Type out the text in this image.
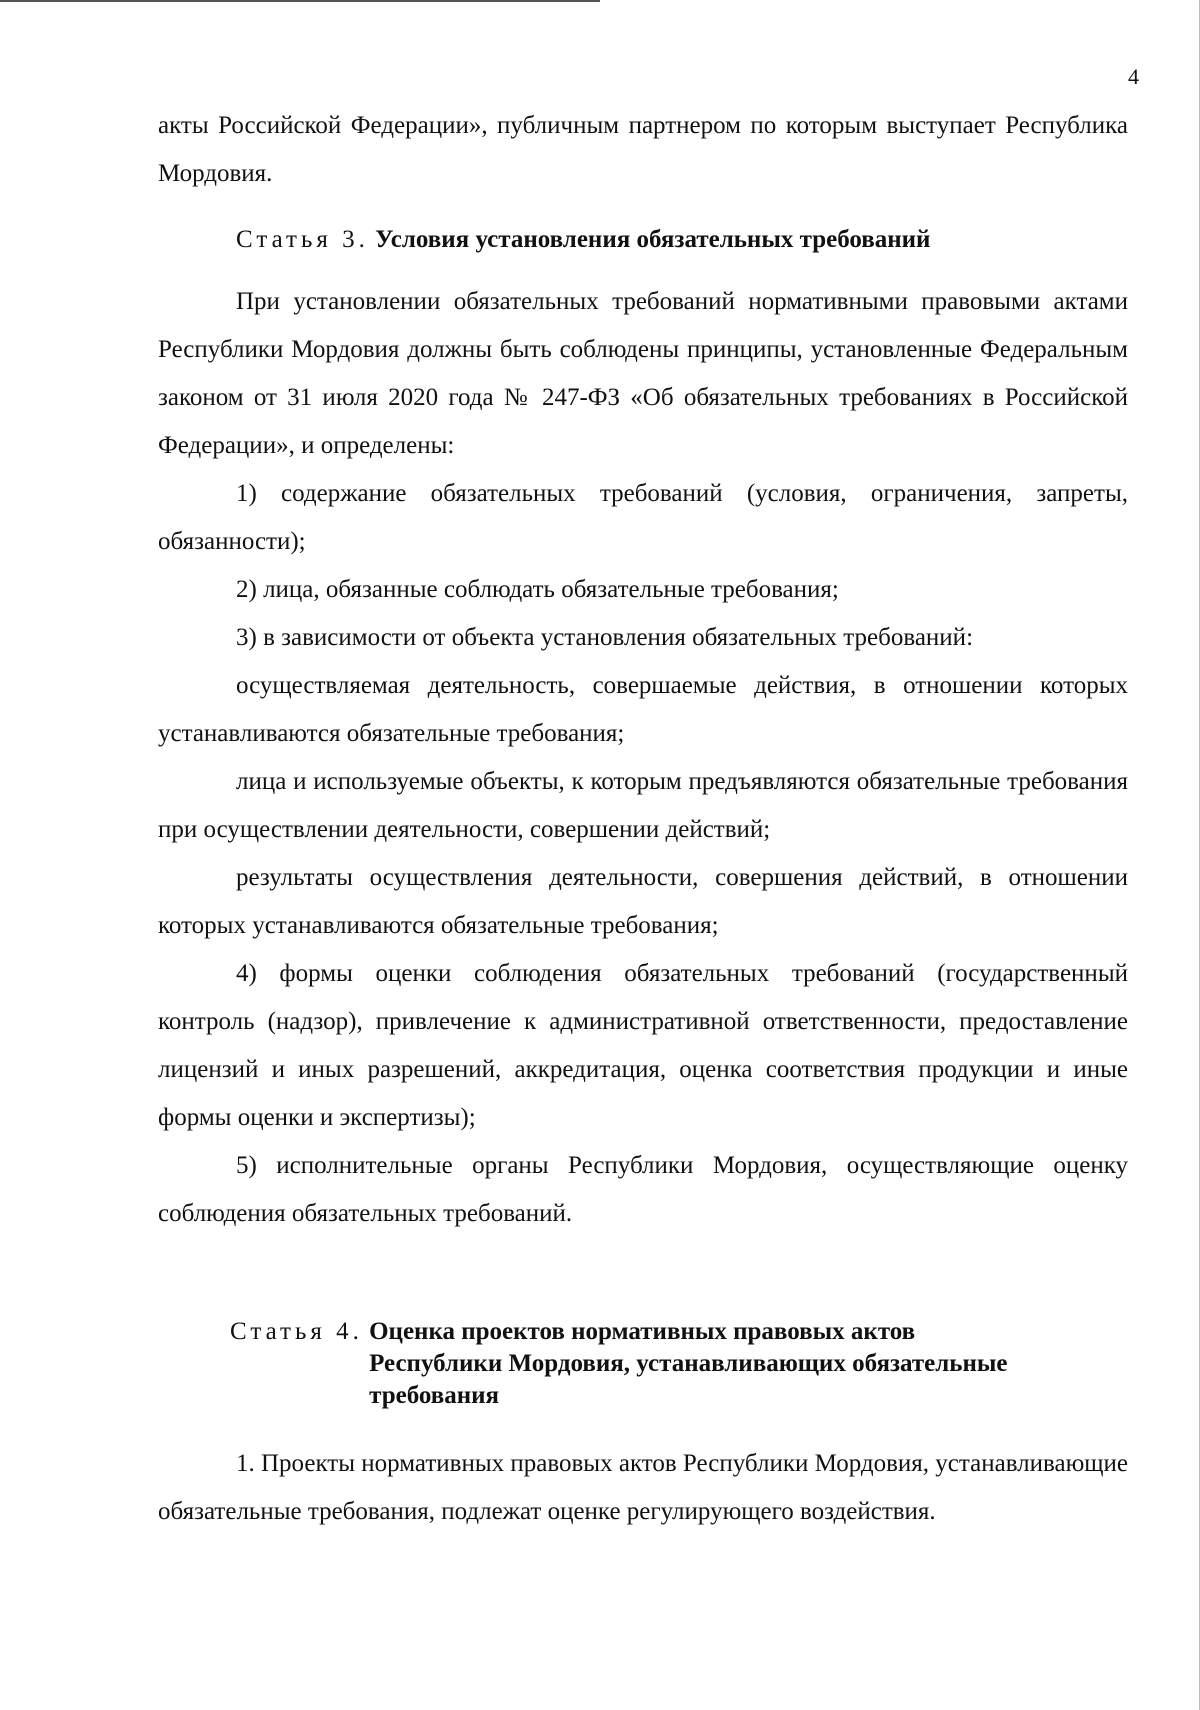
4

акты Российской Федерации», публичным партнером по которым выступает Республика Мордовия.

Статья 3. Условия установления обязательных требований

При установлении обязательных требований нормативными правовыми актами Республики Мордовия должны быть соблюдены принципы, установленные Федеральным законом от 31 июля 2020 года № 247-ФЗ «Об обязательных требованиях в Российской Федерации», и определены:

1) содержание обязательных требований (условия, ограничения, запреты, обязанности);

2) лица, обязанные соблюдать обязательные требования;

3) в зависимости от объекта установления обязательных требований:

осуществляемая деятельность, совершаемые действия, в отношении которых устанавливаются обязательные требования;

лица и используемые объекты, к которым предъявляются обязательные требования при осуществлении деятельности, совершении действий;

результаты осуществления деятельности, совершения действий, в отношении которых устанавливаются обязательные требования;

4) формы оценки соблюдения обязательных требований (государственный контроль (надзор), привлечение к административной ответственности, предоставление лицензий и иных разрешений, аккредитация, оценка соответствия продукции и иные формы оценки и экспертизы);

5) исполнительные органы Республики Мордовия, осуществляющие оценку соблюдения обязательных требований.

Статья 4. Оценка проектов нормативных правовых актов Республики Мордовия, устанавливающих обязательные требования

1. Проекты нормативных правовых актов Республики Мордовия, устанавливающие обязательные требования, подлежат оценке регулирующего воздействия.
